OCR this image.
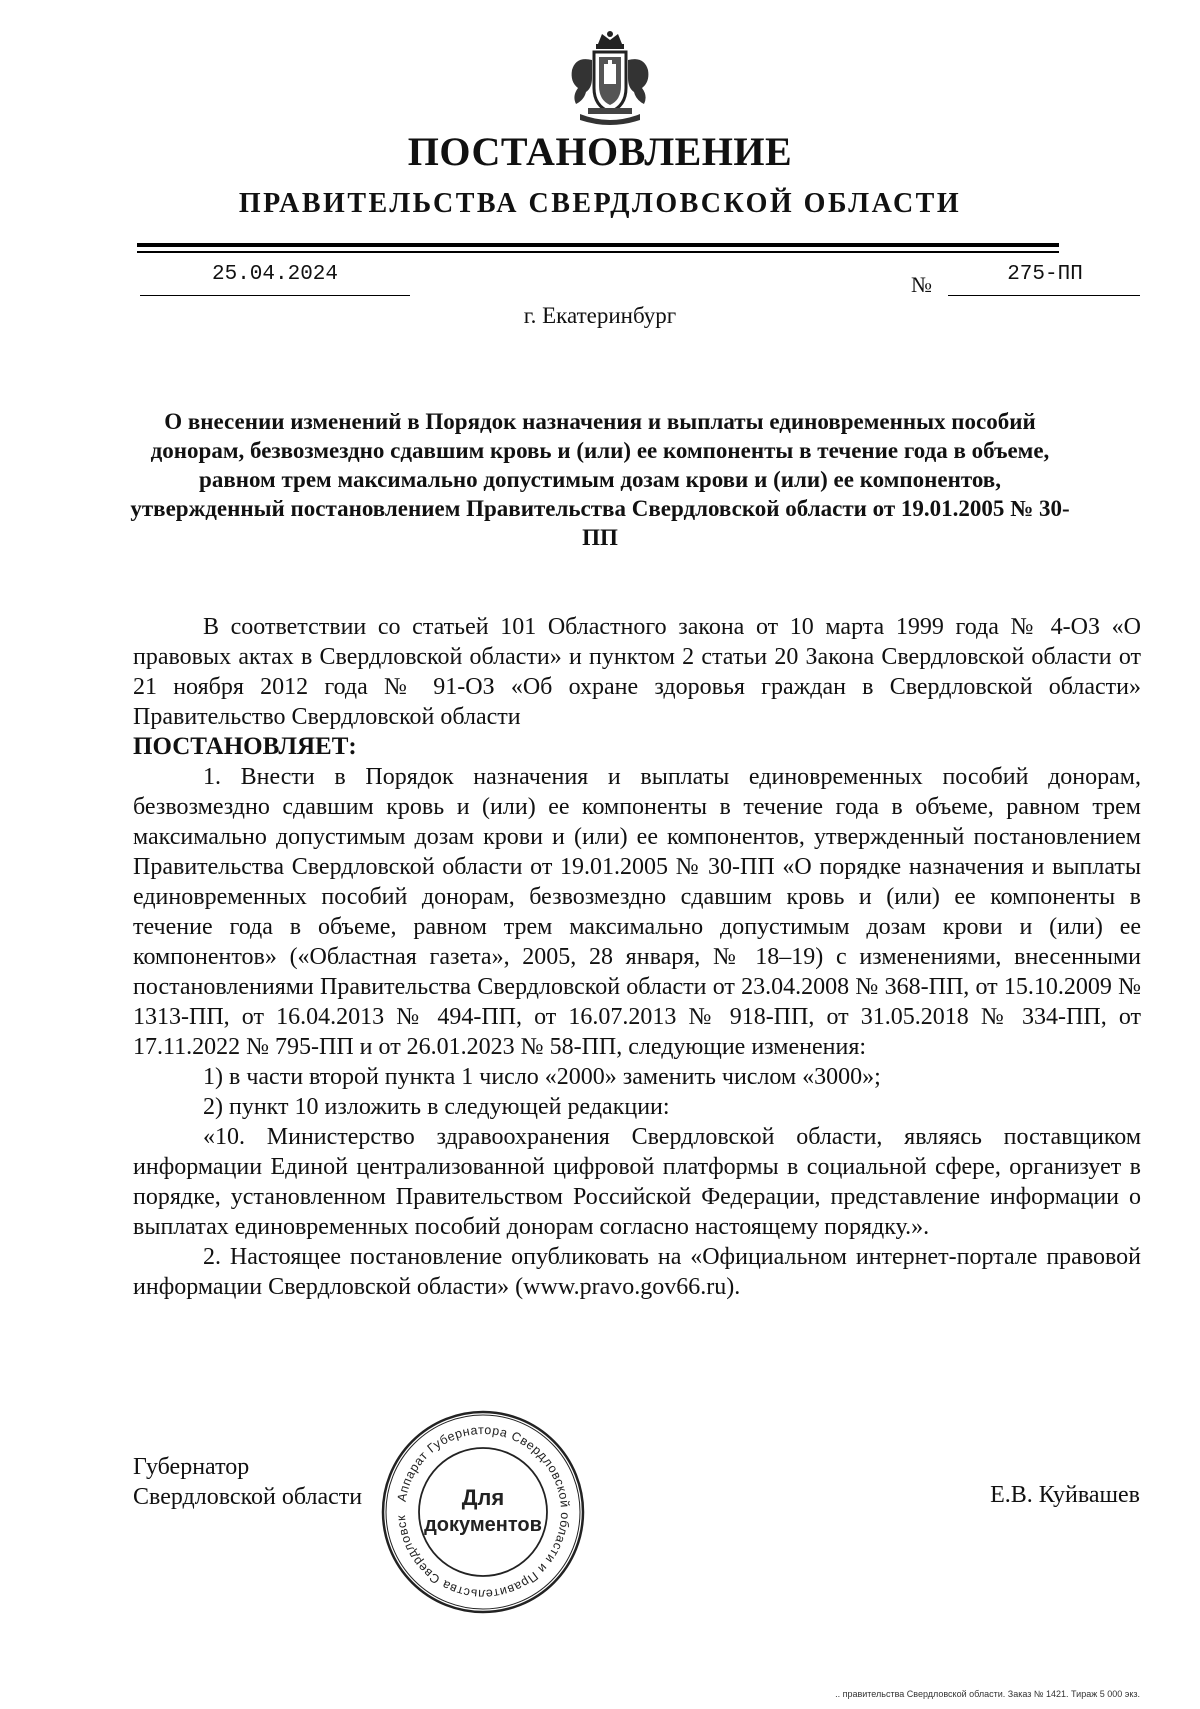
ПОСТАНОВЛЕНИЕ
ПРАВИТЕЛЬСТВА СВЕРДЛОВСКОЙ ОБЛАСТИ
25.04.2024	№	275-ПП
г. Екатеринбург
О внесении изменений в Порядок назначения и выплаты единовременных пособий донорам, безвозмездно сдавшим кровь и (или) ее компоненты в течение года в объеме, равном трем максимально допустимым дозам крови и (или) ее компонентов, утвержденный постановлением Правительства Свердловской области от 19.01.2005 № 30-ПП

В соответствии со статьей 101 Областного закона от 10 марта 1999 года № 4-ОЗ «О правовых актах в Свердловской области» и пунктом 2 статьи 20 Закона Свердловской области от 21 ноября 2012 года № 91-ОЗ «Об охране здоровья граждан в Свердловской области» Правительство Свердловской области

ПОСТАНОВЛЯЕТ:

1. Внести в Порядок назначения и выплаты единовременных пособий донорам, безвозмездно сдавшим кровь и (или) ее компоненты в течение года в объеме, равном трем максимально допустимым дозам крови и (или) ее компонентов, утвержденный постановлением Правительства Свердловской области от 19.01.2005 № 30-ПП «О порядке назначения и выплаты единовременных пособий донорам, безвозмездно сдавшим кровь и (или) ее компоненты в течение года в объеме, равном трем максимально допустимым дозам крови и (или) ее компонентов» («Областная газета», 2005, 28 января, № 18–19) с изменениями, внесенными постановлениями Правительства Свердловской области от 23.04.2008 № 368-ПП, от 15.10.2009 № 1313-ПП, от 16.04.2013 № 494-ПП, от 16.07.2013 № 918-ПП, от 31.05.2018 № 334-ПП, от 17.11.2022 № 795-ПП и от 26.01.2023 № 58-ПП, следующие изменения:

1) в части второй пункта 1 число «2000» заменить числом «3000»;

2) пункт 10 изложить в следующей редакции:

«10. Министерство здравоохранения Свердловской области, являясь поставщиком информации Единой централизованной цифровой платформы в социальной сфере, организует в порядке, установленном Правительством Российской Федерации, представление информации о выплатах единовременных пособий донорам согласно настоящему порядку.».

2. Настоящее постановление опубликовать на «Официальном интернет-портале правовой информации Свердловской области» (www.pravo.gov66.ru).

Губернатор
Свердловской области	Е.В. Куйвашев
Аппарат Губернатора Свердловской области и Правительства Свердловск
Для
документов
.. правительства Свердловской области. Заказ № 1421. Тираж 5 000 экз.
